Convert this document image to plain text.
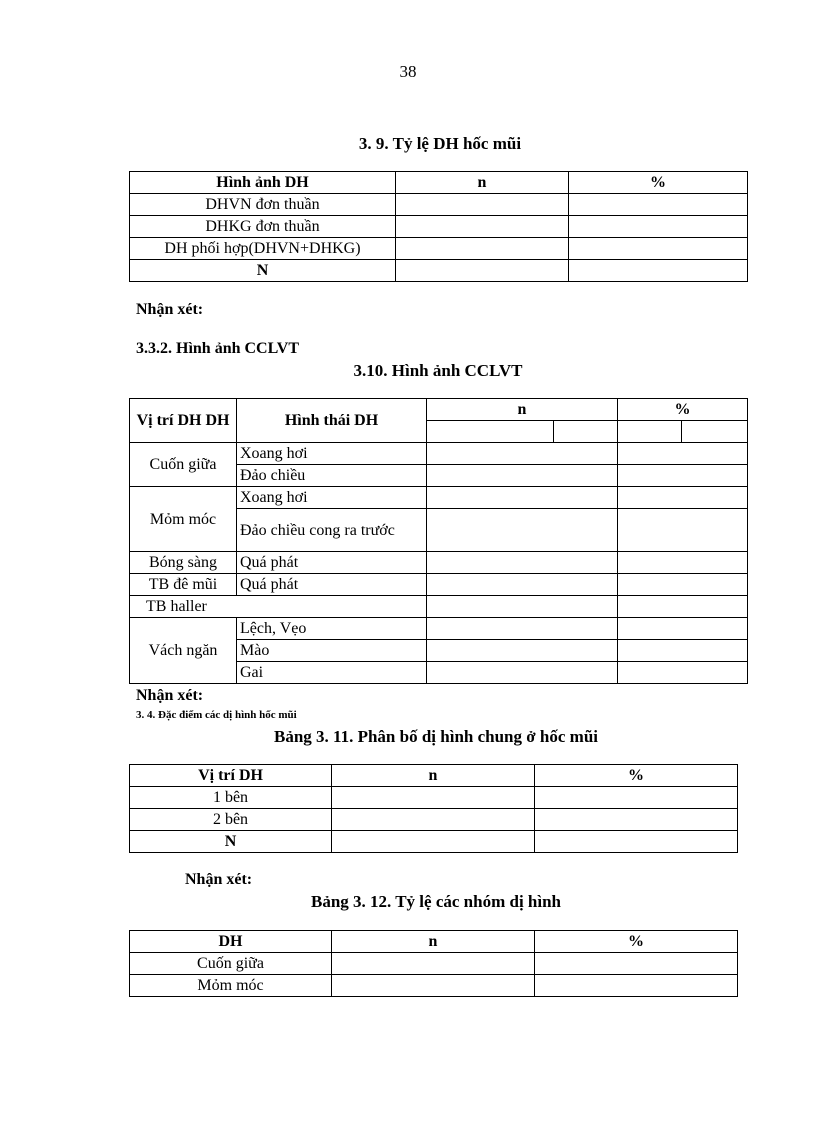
38
3. 9. Tỷ lệ DH hốc mũi
Hình ảnh DH	n	%
DHVN đơn thuần		
DHKG đơn thuần		
DH phối hợp(DHVN+DHKG)		
N		
Nhận xét:
3.3.2. Hình ảnh CCLVT
3.10. Hình ảnh CCLVT
Vị trí DH DH	Hình thái DH	n		%	

Cuốn giữa	Xoang hơi				
	Đảo chiều				
Mỏm móc	Xoang hơi				
	Đảo chiều cong ra trước				
Bóng sàng	Quá phát				
TB đê mũi	Quá phát				
TB haller					
Vách ngăn	Lệch, Vẹo				
	Mào				
	Gai				
Nhận xét:
3. 4. Đặc điểm các dị hình hốc mũi
Bảng 3. 11. Phân bố dị hình chung ở hốc mũi
Vị trí DH	n	%
1 bên		
2 bên		
N		
Nhận xét:
Bảng 3. 12. Tỷ lệ các nhóm dị hình
DH	n	%
Cuốn giữa		
Mỏm móc		
